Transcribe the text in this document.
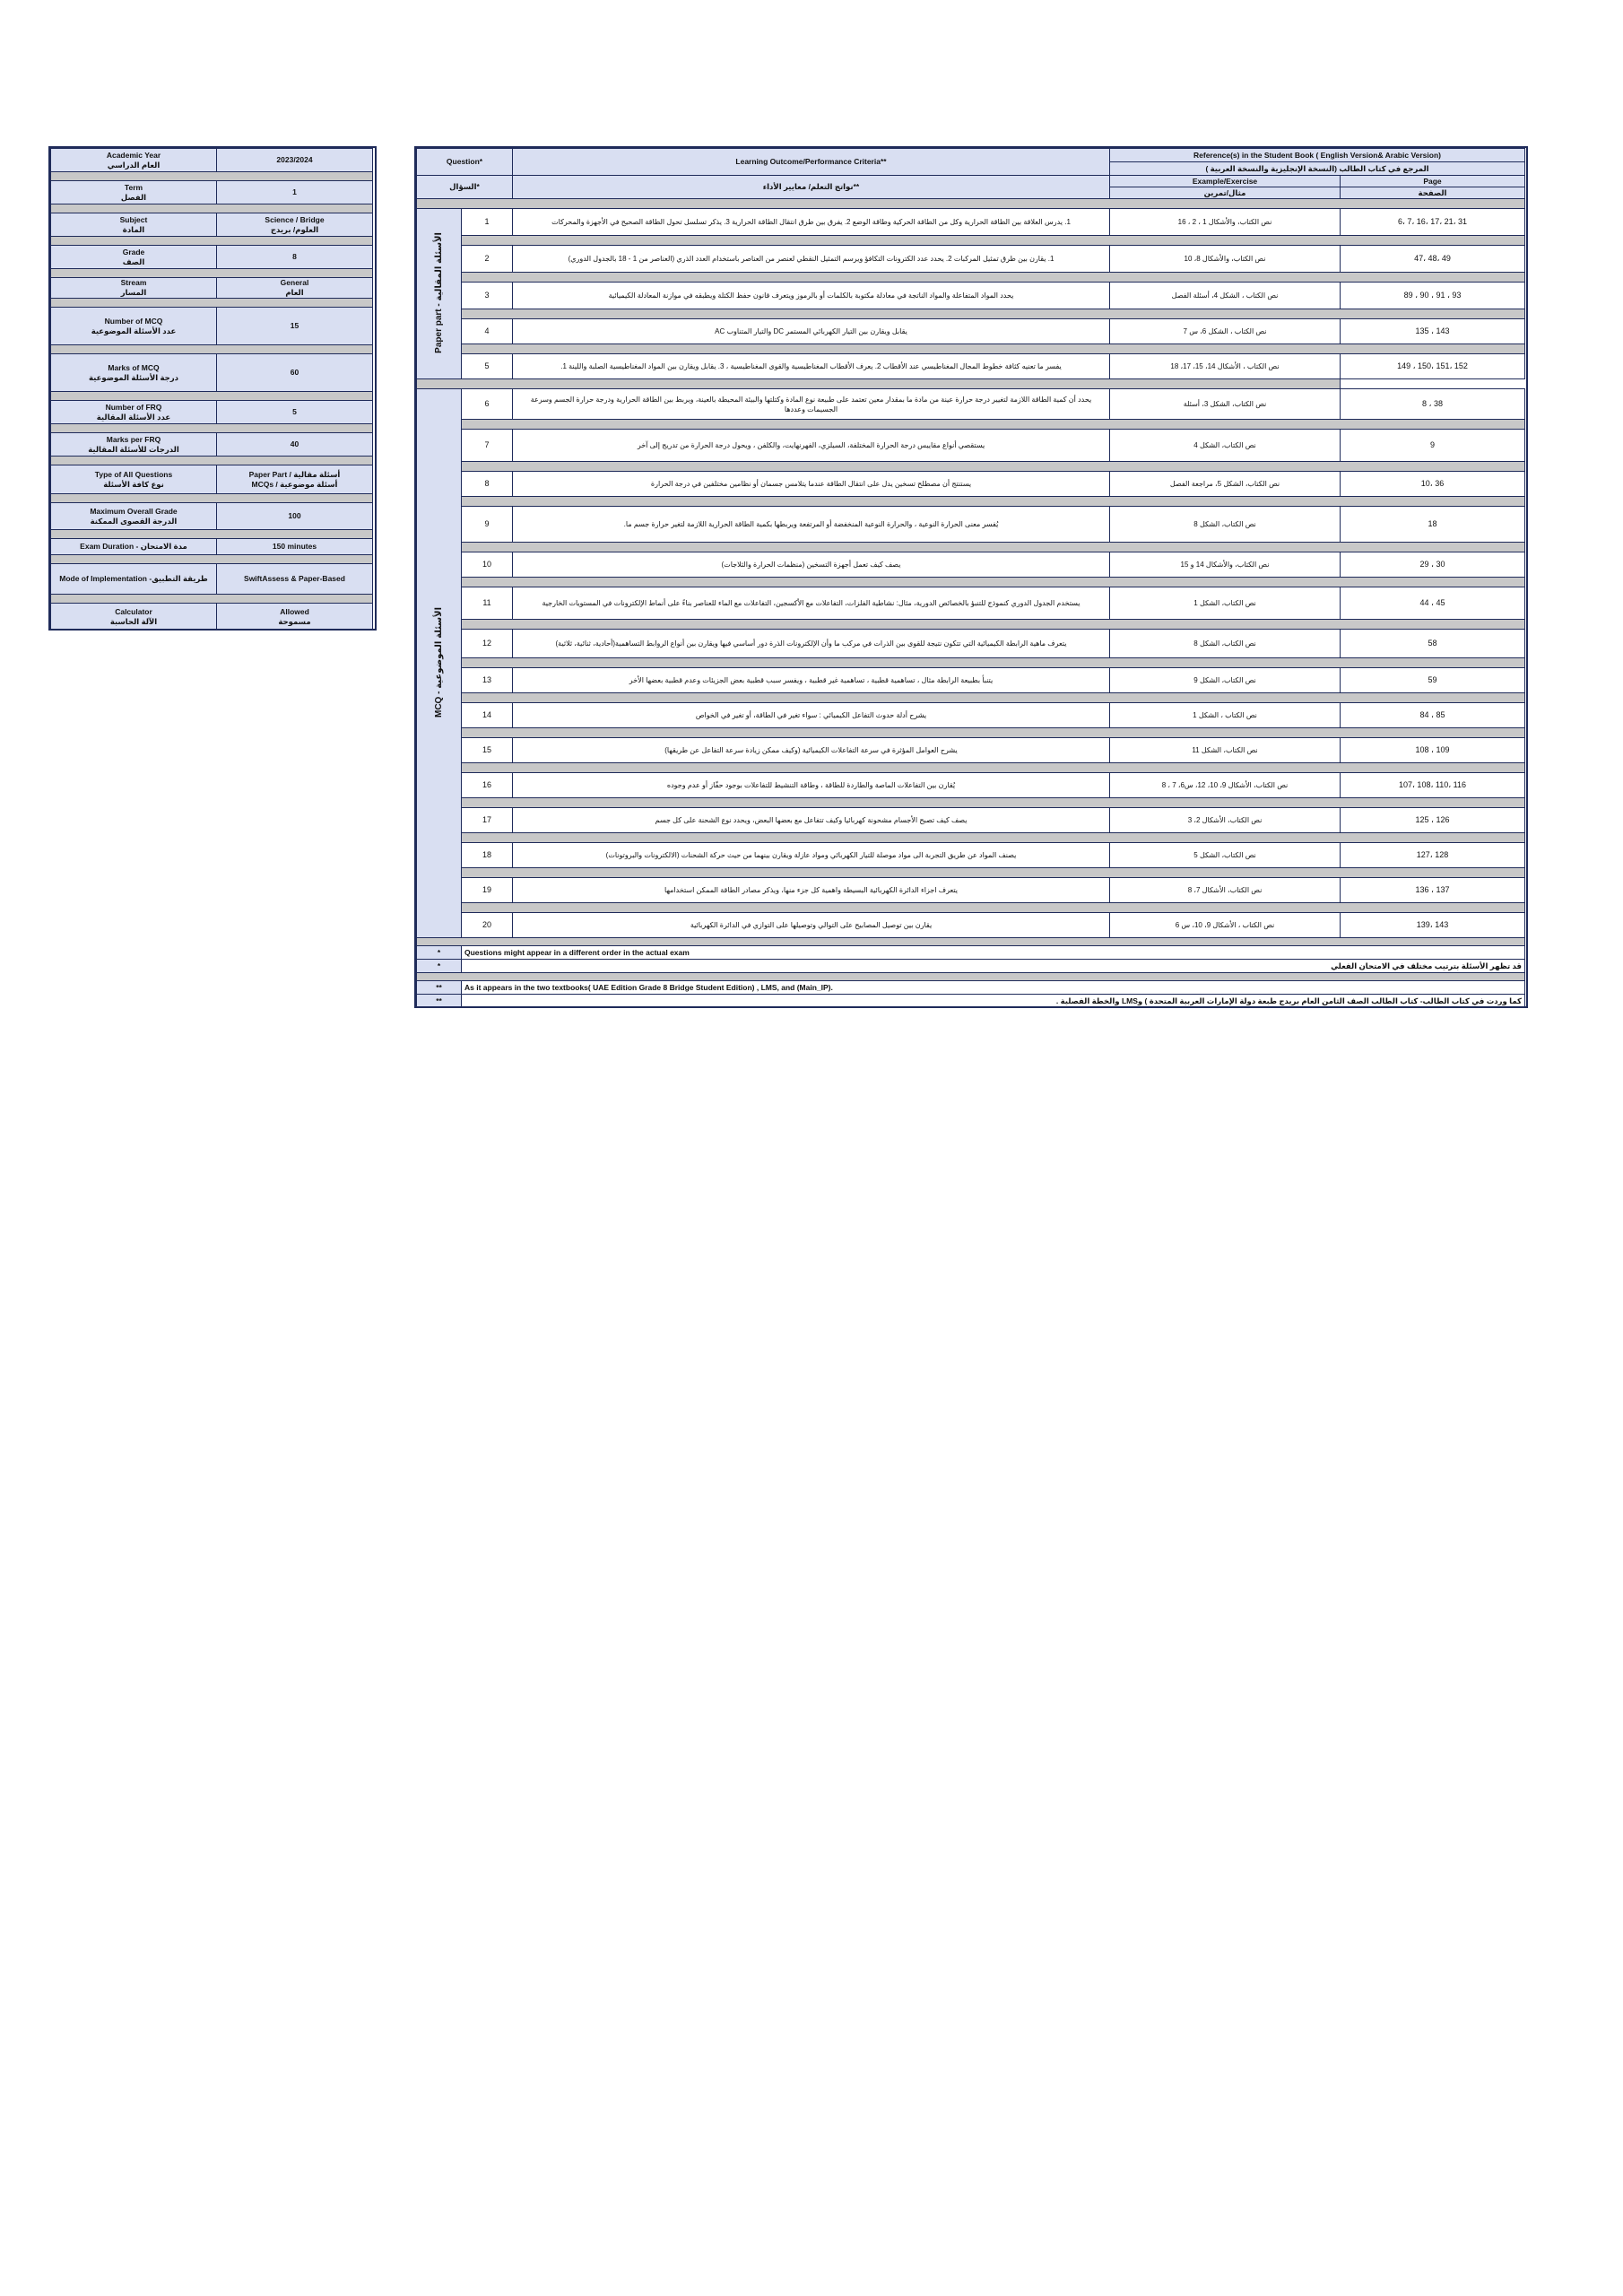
Academic Year
العام الدراسي	2023/2024

Term
الفصل	1

Subject
المادة	Science / Bridge
العلوم/ بريدج

Grade
الصف	8

Stream
المسار	General
العام

Number of MCQ
عدد الأسئلة الموضوعية	15

Marks of MCQ
درجة الأسئلة الموضوعية	60

Number of FRQ
عدد الأسئلة المقالية	5

Marks per FRQ
الدرجات للأسئلة المقالية	40

Type of All Questions
نوع كافة الأسئلة	Paper Part / أسئلة مقالية
MCQs / أسئلة موضوعية

Maximum Overall Grade
الدرجة القصوى الممكنة	100

Exam Duration - مدة الامتحان	150 minutes

Mode of Implementation -طريقة التطبيق	SwiftAssess & Paper-Based

Calculator
الآلة الحاسبة	Allowed
مسموحة
Question*		Learning Outcome/Performance Criteria**	Reference(s) in the Student Book ( English Version& Arabic Version)	
			المرجع في كتاب الطالب (النسخة الإنجليزية والنسخة العربية )	
السؤال*		نواتج التعلم/ معايير الأداء**	Example/Exercise	Page
			مثال/تمرين	الصفحة

Paper part - الأسئلة المقالية	1	1. يدرس العلاقة بين الطاقة الحرارية وكل من الطاقة الحركية وطاقة الوضع 2. يفرق بين طرق انتقال الطاقة الحرارية 3. يذكر تسلسل تحول الطاقة الصحيح في الأجهزة والمحركات	نص الكتاب، والأشكال 1 ، 2 ، 16	6، 7، 16، 17، 21، 31

	2	1. يقارن بين طرق تمثيل المركبات 2. يحدد عدد الكترونات التكافؤ ويرسم التمثيل النقطي لعنصر من العناصر باستخدام العدد الذري (العناصر من 1 - 18 بالجدول الدوري)	نص الكتاب، والأشكال 8، 10	47، 48، 49

	3	يحدد المواد المتفاعلة والمواد الناتجة في معادلة مكتوبة بالكلمات أو بالرموز ويتعرف قانون حفظ الكتلة ويطبقه في موازنة المعادلة الكيميائية	نص الكتاب ، الشكل 4، أسئلة الفصل	89 ، 90 ، 91 ، 93

	4	يقابل ويقارن بين التيار الكهربائي المستمر DC والتيار المتناوب AC	نص الكتاب ، الشكل 6، س 7	135 ، 143

	5	يفسر ما تعنيه كثافة خطوط المجال المغناطيسي عند الأقطاب 2. يعرف الأقطاب المغناطيسية والقوى المغناطيسية ، 3. يقابل ويقارن بين المواد المغناطيسية الصلبة واللينة 1.	نص الكتاب ، الأشكال 14، 15، 17، 18	149 ، 150، 151، 152

MCQ - الأسئلة الموضوعية	6	يحدد أن كمية الطاقة اللازمة لتغيير درجة حرارة عينة من مادة ما بمقدار معين تعتمد على طبيعة نوع المادة وكتلتها والبيئة المحيطة بالعينة، ويربط بين الطاقة الحرارية ودرجة حرارة الجسم وسرعة الجسيمات وعددها	نص الكتاب، الشكل 3، أسئلة	8 ، 38

	7	يستقصي أنواع مقاييس درجة الحرارة المختلفة، السيلزي، الفهرنهايت، والكلفن ، ويحول درجة الحرارة من تدريج إلى آخر	نص الكتاب، الشكل 4	9

	8	يستنتج أن مصطلح تسخين يدل على انتقال الطاقة عندما يتلامس جسمان أو نظامين مختلفين في درجة الحرارة	نص الكتاب، الشكل 5، مراجعة الفصل	10، 36

	9	يُفسر معنى الحرارة النوعية ، والحرارة النوعية المنخفضة أو المرتفعة ويربطها بكمية الطاقة الحرارية اللازمة لتغير حرارة جسم ما.	نص الكتاب، الشكل 8	18

	10	يصف كيف تعمل أجهزة التسخين (منظمات الحرارة والثلاجات)	نص الكتاب، والأشكال 14 و 15	29 ، 30

	11	يستخدم الجدول الدوري كنموذج للتنبؤ بالخصائص الدورية، مثال: نشاطية الفلزات، التفاعلات مع الأكسجين، التفاعلات مع الماء للعناصر بناءً على أنماط الإلكترونات في المستويات الخارجية	نص الكتاب، الشكل 1	44 ، 45

	12	يتعرف ماهية الرابطة الكيميائية التي تتكون نتيجة للقوى بين الذرات في مركب ما وأن الإلكترونات الذرة دور أساسي فيها ويقارن بين أنواع الروابط التساهمية(أحادية، ثنائية، ثلاثية)	نص الكتاب، الشكل 8	58

	13	يتنبأ بطبيعة الرابطة مثال ، تساهمية قطبية ، تساهمية غير قطبية ، ويفسر سبب قطبية بعض الجزيئات وعدم قطبية بعضها الأخر	نص الكتاب، الشكل 9	59

	14	يشرح أدلة حدوث التفاعل الكيميائي : سواء تغير في الطاقة، أو تغير في الخواص	نص الكتاب ، الشكل 1	84 ، 85

	15	يشرح العوامل المؤثرة في سرعة التفاعلات الكيميائية (وكيف ممكن زيادة سرعة التفاعل عن طريقها)	نص الكتاب، الشكل 11	108 ، 109

	16	يُقارن بين التفاعلات الماصة والطاردة للطاقة ، وطاقة التنشيط للتفاعلات بوجود حفّاز أو عدم وجوده	نص الكتاب، الأشكال 9، 10، 12، س6، 7 ، 8	107، 108، 110، 116

	17	يصف كيف تصبح الأجسام مشحونة كهربائيا وكيف تتفاعل مع بعضها البعض، ويحدد نوع الشحنة على كل جسم	نص الكتاب، الأشكال 2، 3	125 ، 126

	18	يصنف المواد عن طريق التجربة الى مواد موصلة للتيار الكهربائي ومواد عازلة ويقارن بينهما من حيث حركة الشحنات (الالكترونات والبروتونات)	نص الكتاب، الشكل 5	127، 128

	19	يتعرف اجزاء الدائرة الكهربائية البسيطة واهمية كل جزء منها، ويذكر مصادر الطاقة الممكن استخدامها	نص الكتاب، الأشكال 7، 8	136 ، 137

	20	يقارن بين توصيل المصابيح على التوالي وتوصيلها على التوازي في الدائرة الكهربائية	نص الكتاب ، الأشكال 9، 10، س 6	139، 143

*	Questions might appear in a different order in the actual exam			
*	قد تظهر الأسئلة بترتيب مختلف في الامتحان الفعلي			

**	As it appears in the two textbooks( UAE Edition Grade 8 Bridge Student Edition) , LMS, and (Main_IP).			
**	كما وردت في كتاب الطالب- كتاب الطالب الصف الثامن العام بريدج طبعة دولة الإمارات العربية المتحدة ) وLMS والخطة الفصلية .			
